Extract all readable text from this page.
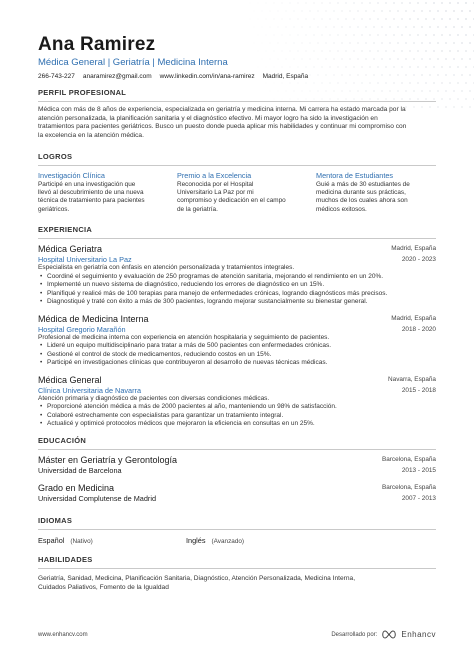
Ana Ramirez
Médica General | Geriatría | Medicina Interna
266-743-227 anaramirez@gmail.com www.linkedin.com/in/ana-ramirez Madrid, España
PERFIL PROFESIONAL
Médica con más de 8 años de experiencia, especializada en geriatría y medicina interna. Mi carrera ha estado marcada por la
atención personalizada, la planificación sanitaria y el diagnóstico efectivo. Mi mayor logro ha sido la investigación en
tratamientos para pacientes geriátricos. Busco un puesto donde pueda aplicar mis habilidades y continuar mi compromiso con
la excelencia en la atención médica.
LOGROS
Investigación Clínica
Participé en una investigación que
llevó al descubrimiento de una nueva
técnica de tratamiento para pacientes
geriátricos.
Premio a la Excelencia
Reconocida por el Hospital
Universitario La Paz por mi
compromiso y dedicación en el campo
de la geriatría.
Mentora de Estudiantes
Guié a más de 30 estudiantes de
medicina durante sus prácticas,
muchos de los cuales ahora son
médicos exitosos.
EXPERIENCIA
Médica Geriatra	Madrid, España
Hospital Universitario La Paz	2020 - 2023
Especialista en geriatría con énfasis en atención personalizada y tratamientos integrales.
• Coordiné el seguimiento y evaluación de 250 programas de atención sanitaria, mejorando el rendimiento en un 20%.
• Implementé un nuevo sistema de diagnóstico, reduciendo los errores de diagnóstico en un 15%.
• Planifiqué y realicé más de 100 terapias para manejo de enfermedades crónicas, logrando diagnósticos más precisos.
• Diagnostiqué y traté con éxito a más de 300 pacientes, logrando mejorar sustancialmente su bienestar general.
Médica de Medicina Interna	Madrid, España
Hospital Gregorio Marañón	2018 - 2020
Profesional de medicina interna con experiencia en atención hospitalaria y seguimiento de pacientes.
• Lideré un equipo multidisciplinario para tratar a más de 500 pacientes con enfermedades crónicas.
• Gestioné el control de stock de medicamentos, reduciendo costos en un 15%.
• Participé en investigaciones clínicas que contribuyeron al desarrollo de nuevas técnicas médicas.
Médica General	Navarra, España
Clínica Universitaria de Navarra	2015 - 2018
Atención primaria y diagnóstico de pacientes con diversas condiciones médicas.
• Proporcioné atención médica a más de 2000 pacientes al año, manteniendo un 98% de satisfacción.
• Colaboré estrechamente con especialistas para garantizar un tratamiento integral.
• Actualicé y optimicé protocolos médicos que mejoraron la eficiencia en consultas en un 25%.
EDUCACIÓN
Máster en Geriatría y Gerontología	Barcelona, España
Universidad de Barcelona	2013 - 2015
Grado en Medicina	Barcelona, España
Universidad Complutense de Madrid	2007 - 2013
IDIOMAS
Español (Nativo)	Inglés (Avanzado)
HABILIDADES
Geriatría, Sanidad, Medicina, Planificación Sanitaria, Diagnóstico, Atención Personalizada, Medicina Interna,
Cuidados Paliativos, Fomento de la Igualdad
www.enhancv.com	Desarrollado por:	Enhancv
